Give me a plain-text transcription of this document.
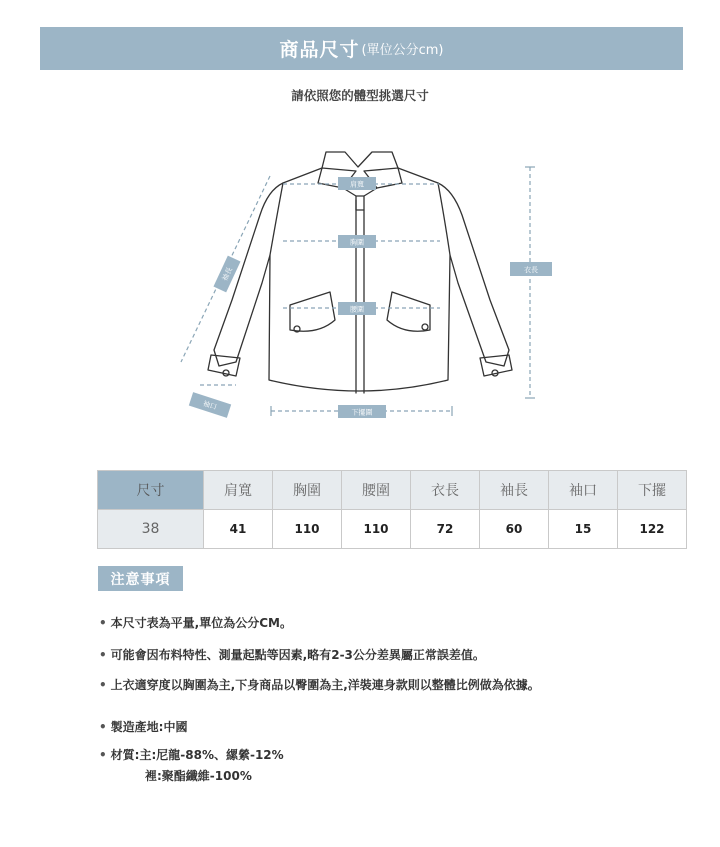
商品尺寸 (單位公分cm)
請依照您的體型挑選尺寸
肩寬
胸圍
腰圍
衣長
袖長
袖口
下擺圍
尺寸	肩寬	胸圍	腰圍	衣長	袖長	袖口	下擺
38	41	110	110	72	60	15	122
注意事項
• 本尺寸表為平量,單位為公分CM。
• 可能會因布料特性、測量起點等因素,略有2-3公分差異屬正常誤差值。
• 上衣適穿度以胸圍為主,下身商品以臀圍為主,洋裝連身款則以整體比例做為依據。
• 製造產地:中國
• 材質:主:尼龍-88%、縲縈-12%
裡:聚酯纖維-100%
